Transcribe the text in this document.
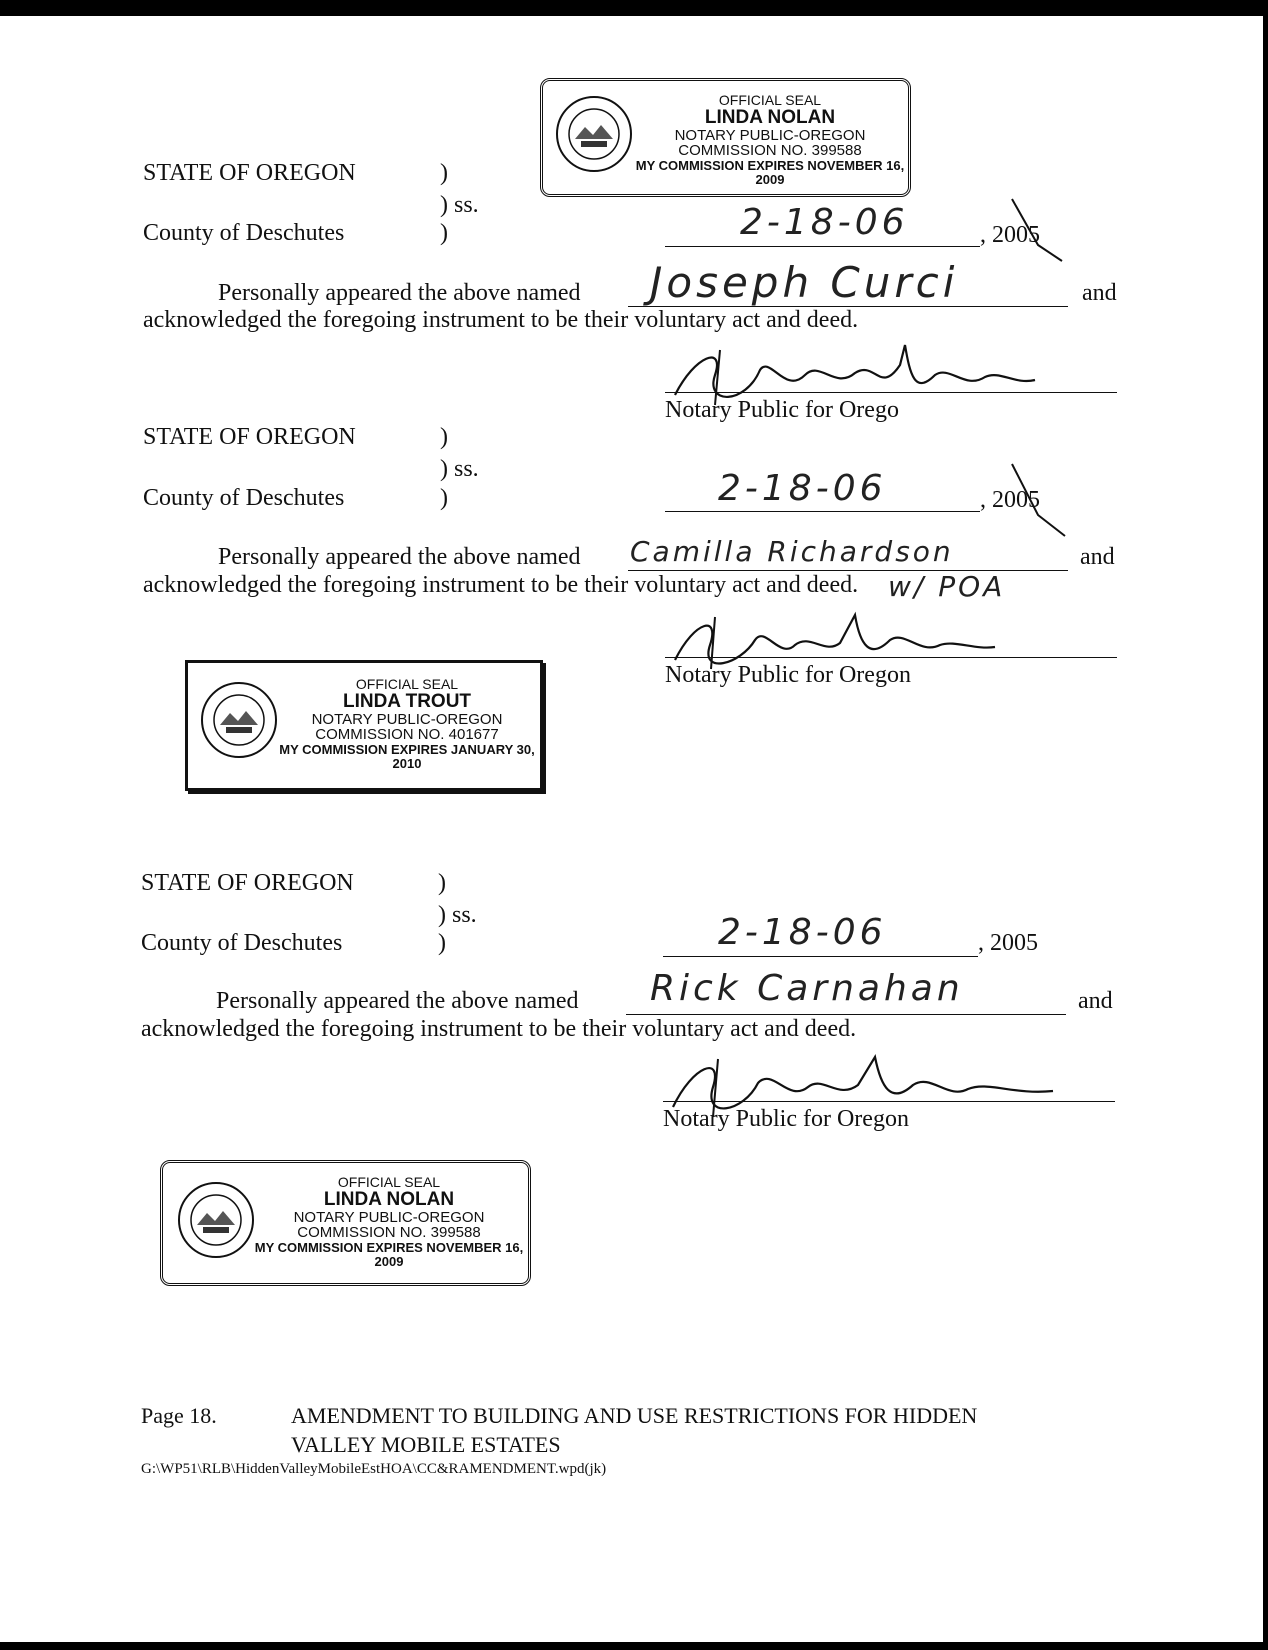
OFFICIAL SEAL
LINDA NOLAN
NOTARY PUBLIC-OREGON
COMMISSION NO. 399588
MY COMMISSION EXPIRES NOVEMBER 16, 2009
STATE OF OREGON	)
) ss.
County of Deschutes	)	2-18-06	, 2005
Personally appeared the above named Joseph Curci	and
acknowledged the foregoing instrument to be their voluntary act and deed.
Notary Public for Orego
STATE OF OREGON	)
) ss.
County of Deschutes	)	2-18-06	, 2005
Personally appeared the above named Camilla Richardson	and
acknowledged the foregoing instrument to be their voluntary act and deed. w/ POA
Notary Public for Oregon
OFFICIAL SEAL
LINDA TROUT
NOTARY PUBLIC-OREGON
COMMISSION NO. 401677
MY COMMISSION EXPIRES JANUARY 30, 2010
STATE OF OREGON	)
) ss.
County of Deschutes	)	2-18-06	, 2005
Personally appeared the above named Rick Carnahan	and
acknowledged the foregoing instrument to be their voluntary act and deed.
Notary Public for Oregon
OFFICIAL SEAL
LINDA NOLAN
NOTARY PUBLIC-OREGON
COMMISSION NO. 399588
MY COMMISSION EXPIRES NOVEMBER 16, 2009
Page 18.	AMENDMENT TO BUILDING AND USE RESTRICTIONS FOR HIDDEN
VALLEY MOBILE ESTATES
G:\WP51\RLB\HiddenValleyMobileEstHOA\CC&RAMENDMENT.wpd(jk)
